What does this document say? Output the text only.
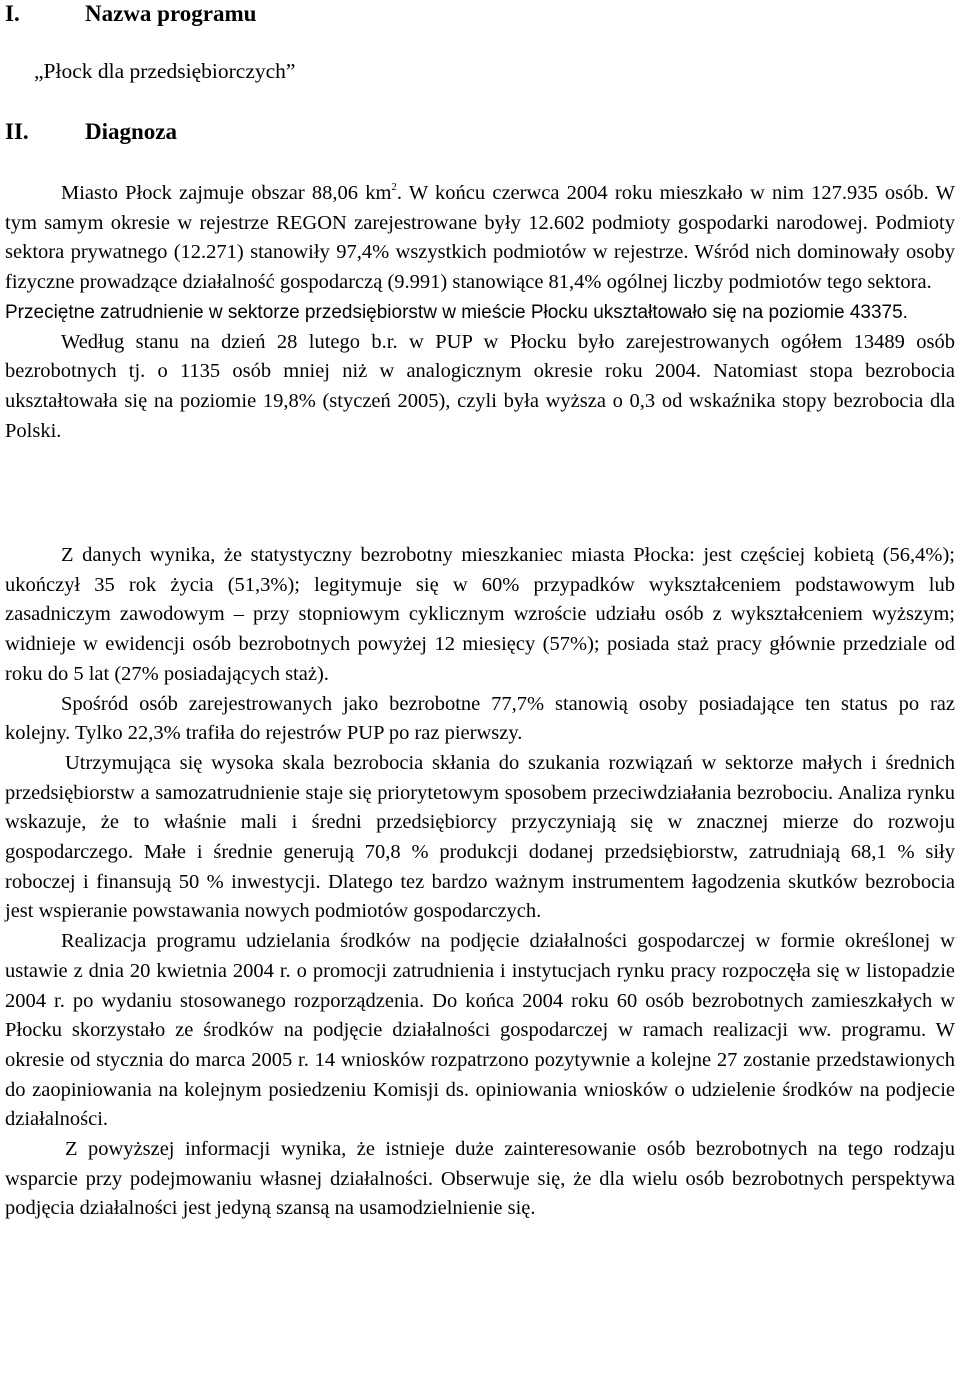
I.	Nazwa programu
„Płock dla przedsiębiorczych”
II. Diagnoza

Miasto Płock zajmuje obszar 88,06 $km^2$. W końcu czerwca 2004 roku mieszkało w nim 127.935 osób. W tym samym okresie w rejestrze REGON zarejestrowane były 12.602 podmioty gospodarki narodowej. Podmioty sektora prywatnego (12.271) stanowiły 97,4% wszystkich podmiotów w rejestrze. Wśród nich dominowały osoby fizyczne prowadzące działalność gospodarczą (9.991) stanowiące 81,4% ogólnej liczby podmiotów tego sektora.

Przeciętne zatrudnienie w sektorze przedsiębiorstw w mieście Płocku ukształtowało się na poziomie 43375.

Według stanu na dzień 28 lutego b.r. w PUP w Płocku było zarejestrowanych ogółem 13489 osób bezrobotnych tj. o 1135 osób mniej niż w analogicznym okresie roku 2004. Natomiast stopa bezrobocia ukształtowała się na poziomie 19,8% (styczeń 2005), czyli była wyższa o 0,3 od wskaźnika stopy bezrobocia dla Polski.

Z danych wynika, że statystyczny bezrobotny mieszkaniec miasta Płocka: jest częściej kobietą (56,4%); ukończył 35 rok życia (51,3%); legitymuje się w 60% przypadków wykształceniem podstawowym lub zasadniczym zawodowym – przy stopniowym cyklicznym wzroście udziału osób z wykształceniem wyższym; widnieje w ewidencji osób bezrobotnych powyżej 12 miesięcy (57%); posiada staż pracy głównie przedziale od roku do 5 lat (27% posiadających staż).

Spośród osób zarejestrowanych jako bezrobotne 77,7% stanowią osoby posiadające ten status po raz kolejny. Tylko 22,3% trafiła do rejestrów PUP po raz pierwszy.

Utrzymująca się wysoka skala bezrobocia skłania do szukania rozwiązań w sektorze małych i średnich przedsiębiorstw a samozatrudnienie staje się priorytetowym sposobem przeciwdziałania bezrobociu. Analiza rynku wskazuje, że to właśnie mali i średni przedsiębiorcy przyczyniają się w znacznej mierze do rozwoju gospodarczego. Małe i średnie generują 70,8 % produkcji dodanej przedsiębiorstw, zatrudniają 68,1 % siły roboczej i finansują 50 % inwestycji. Dlatego tez bardzo ważnym instrumentem łagodzenia skutków bezrobocia jest wspieranie powstawania nowych podmiotów gospodarczych.

Realizacja programu udzielania środków na podjęcie działalności gospodarczej w formie określonej w ustawie z dnia 20 kwietnia 2004 r. o promocji zatrudnienia i instytucjach rynku pracy rozpoczęła się w listopadzie 2004 r. po wydaniu stosowanego rozporządzenia. Do końca 2004 roku 60 osób bezrobotnych zamieszkałych w Płocku skorzystało ze środków na podjęcie działalności gospodarczej w ramach realizacji ww. programu. W okresie od stycznia do marca 2005 r. 14 wniosków rozpatrzono pozytywnie a kolejne 27 zostanie przedstawionych do zaopiniowania na kolejnym posiedzeniu Komisji ds. opiniowania wniosków o udzielenie środków na podjecie działalności.

Z powyższej informacji wynika, że istnieje duże zainteresowanie osób bezrobotnych na tego rodzaju wsparcie przy podejmowaniu własnej działalności. Obserwuje się, że dla wielu osób bezrobotnych perspektywa podjęcia działalności jest jedyną szansą na usamodzielnienie się.
